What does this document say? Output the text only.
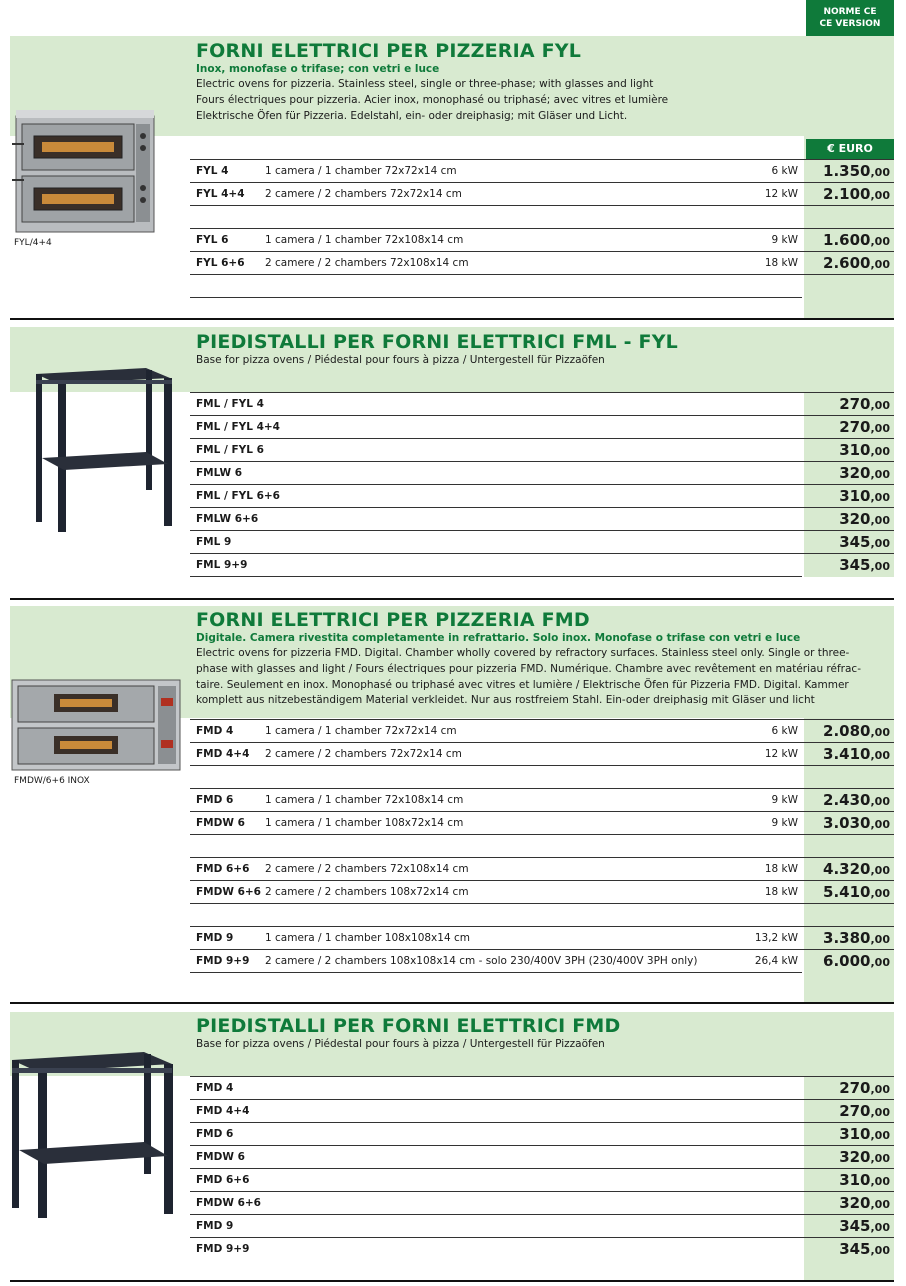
NORME CE
CE VERSION
FORNI ELETTRICI PER PIZZERIA FYL
Inox, monofase o trifase; con vetri e luce
Electric ovens for pizzeria. Stainless steel, single or three-phase; with glasses and light
Fours électriques pour pizzeria. Acier inox, monophasé ou triphasé; avec vitres et lumière
Elektrische Öfen für Pizzeria. Edelstahl, ein- oder dreiphasig; mit Gläser und Licht.
€ EURO
FYL/4+4
FYL 4	1 camera / 1 chamber 72x72x14 cm	6 kW 1.350,00
FYL 4+4 2 camere / 2 chambers 72x72x14 cm	12 kW 2.100,00
FYL 6	1 camera / 1 chamber 72x108x14 cm	9 kW 1.600,00
FYL 6+6 2 camere / 2 chambers 72x108x14 cm	18 kW 2.600,00
PIEDISTALLI PER FORNI ELETTRICI FML - FYL
Base for pizza ovens / Piédestal pour fours à pizza / Untergestell für Pizzaöfen
FML / FYL 4	270,00
FML / FYL 4+4	270,00
FML / FYL 6	310,00
FMLW 6	320,00
FML / FYL 6+6	310,00
FMLW 6+6	320,00
FML 9	345,00
FML 9+9	345,00
FORNI ELETTRICI PER PIZZERIA FMD
Digitale. Camera rivestita completamente in refrattario. Solo inox. Monofase o trifase con vetri e luce
Electric ovens for pizzeria FMD. Digital. Chamber wholly covered by refractory surfaces. Stainless steel only. Single or three-
phase with glasses and light / Fours électriques pour pizzeria FMD. Numérique. Chambre avec revêtement en matériau réfrac-
taire. Seulement en inox. Monophasé ou triphasé avec vitres et lumière / Elektrische Öfen für Pizzeria FMD. Digital. Kammer
komplett aus nitzebeständigem Material verkleidet. Nur aus rostfreiem Stahl. Ein-oder dreiphasig mit Gläser und licht
FMDW/6+6 INOX
FMD 4	1 camera / 1 chamber 72x72x14 cm	6 kW 2.080,00
FMD 4+4 2 camere / 2 chambers 72x72x14 cm	12 kW 3.410,00
FMD 6	1 camera / 1 chamber 72x108x14 cm	9 kW 2.430,00
FMDW 6 1 camera / 1 chamber 108x72x14 cm	9 kW 3.030,00
FMD 6+6 2 camere / 2 chambers 72x108x14 cm	18 kW 4.320,00
FMDW 6+6 2 camere / 2 chambers 108x72x14 cm	18 kW 5.410,00
FMD 9	1 camera / 1 chamber 108x108x14 cm	13,2 kW 3.380,00
FMD 9+9 2 camere / 2 chambers 108x108x14 cm - solo 230/400V 3PH (230/400V 3PH only)	26,4 kW 6.000,00
PIEDISTALLI PER FORNI ELETTRICI FMD
Base for pizza ovens / Piédestal pour fours à pizza / Untergestell für Pizzaöfen
FMD 4	270,00
FMD 4+4	270,00
FMD 6	310,00
FMDW 6	320,00
FMD 6+6	310,00
FMDW 6+6	320,00
FMD 9	345,00
FMD 9+9	345,00
